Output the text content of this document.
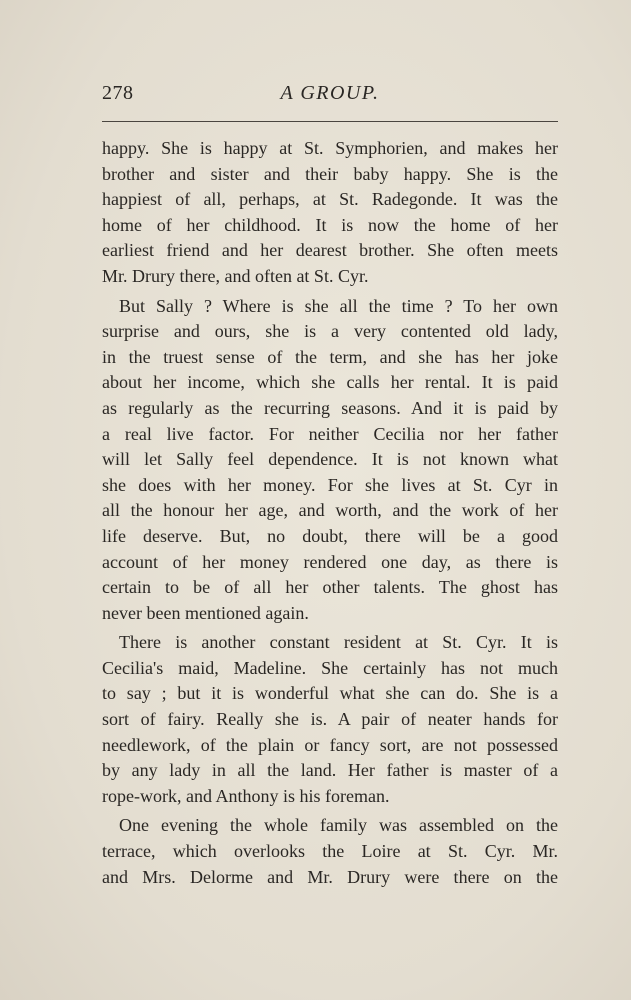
278	A GROUP.
happy. She is happy at St. Symphorien, and makes her
brother and sister and their baby happy. She is the
happiest of all, perhaps, at St. Radegonde. It was the
home of her childhood. It is now the home of her
earliest friend and her dearest brother. She often meets
Mr. Drury there, and often at St. Cyr.
But Sally ? Where is she all the time ? To her own
surprise and ours, she is a very contented old lady,
in the truest sense of the term, and she has her joke
about her income, which she calls her rental. It is paid
as regularly as the recurring seasons. And it is paid by
a real live factor. For neither Cecilia nor her father
will let Sally feel dependence. It is not known what
she does with her money. For she lives at St. Cyr in
all the honour her age, and worth, and the work of her
life deserve. But, no doubt, there will be a good
account of her money rendered one day, as there is
certain to be of all her other talents. The ghost has
never been mentioned again.
There is another constant resident at St. Cyr. It is
Cecilia's maid, Madeline. She certainly has not much
to say ; but it is wonderful what she can do. She is a
sort of fairy. Really she is. A pair of neater hands for
needlework, of the plain or fancy sort, are not possessed
by any lady in all the land. Her father is master of a
rope-work, and Anthony is his foreman.
One evening the whole family was assembled on the
terrace, which overlooks the Loire at St. Cyr. Mr.
and Mrs. Delorme and Mr. Drury were there on the
